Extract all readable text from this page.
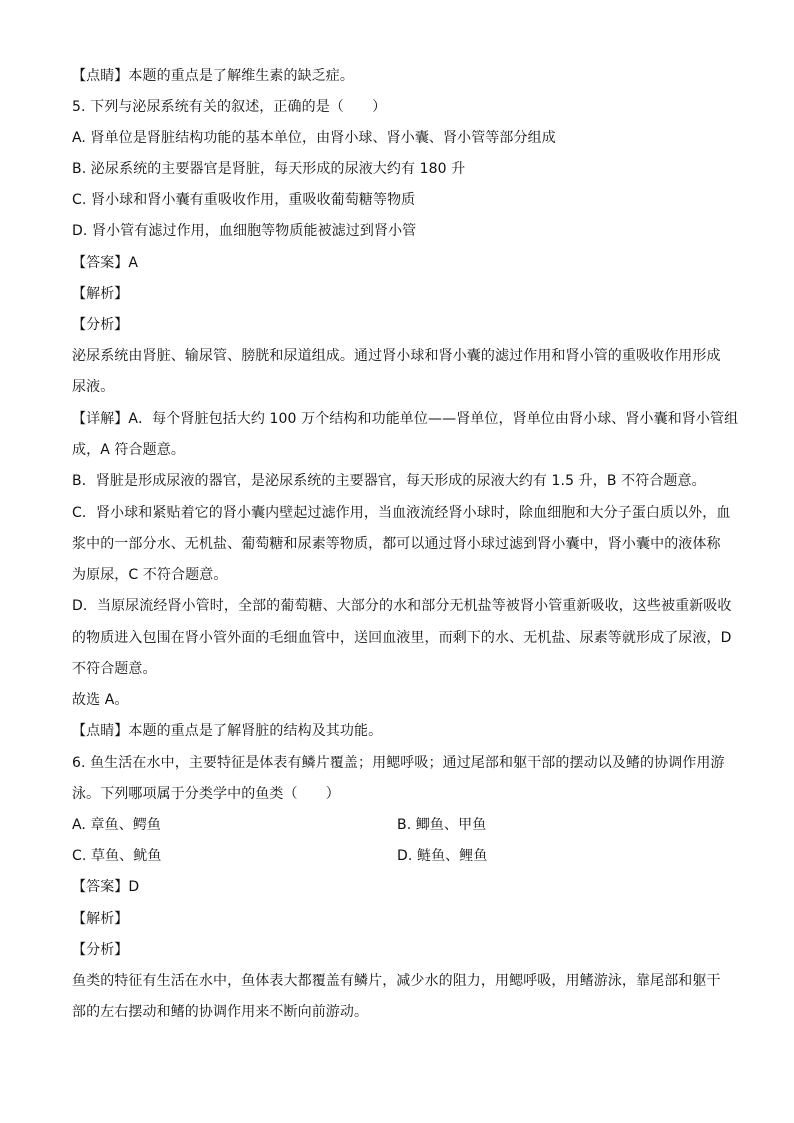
【点睛】本题的重点是了解维生素的缺乏症。
5. 下列与泌尿系统有关的叙述，正确的是（　　）
A. 肾单位是肾脏结构功能的基本单位，由肾小球、肾小囊、肾小管等部分组成
B. 泌尿系统的主要器官是肾脏，每天形成的尿液大约有 180 升
C. 肾小球和肾小囊有重吸收作用，重吸收葡萄糖等物质
D. 肾小管有滤过作用，血细胞等物质能被滤过到肾小管
【答案】A
【解析】
【分析】
泌尿系统由肾脏、输尿管、膀胱和尿道组成。通过肾小球和肾小囊的滤过作用和肾小管的重吸收作用形成
尿液。
【详解】A．每个肾脏包括大约 100 万个结构和功能单位——肾单位，肾单位由肾小球、肾小囊和肾小管组
成，A 符合题意。
B．肾脏是形成尿液的器官，是泌尿系统的主要器官，每天形成的尿液大约有 1.5 升，B 不符合题意。
C．肾小球和紧贴着它的肾小囊内壁起过滤作用，当血液流经肾小球时，除血细胞和大分子蛋白质以外，血
浆中的一部分水、无机盐、葡萄糖和尿素等物质，都可以通过肾小球过滤到肾小囊中，肾小囊中的液体称
为原尿，C 不符合题意。
D．当原尿流经肾小管时，全部的葡萄糖、大部分的水和部分无机盐等被肾小管重新吸收，这些被重新吸收
的物质进入包围在肾小管外面的毛细血管中，送回血液里，而剩下的水、无机盐、尿素等就形成了尿液，D
不符合题意。
故选 A。
【点睛】本题的重点是了解肾脏的结构及其功能。
6. 鱼生活在水中，主要特征是体表有鳞片覆盖；用鳃呼吸；通过尾部和躯干部的摆动以及鳍的协调作用游
泳。下列哪项属于分类学中的鱼类（　　）
A. 章鱼、鳄鱼	B. 鲫鱼、甲鱼
C. 草鱼、鱿鱼	D. 鲢鱼、鲤鱼
【答案】D
【解析】
【分析】
鱼类的特征有生活在水中，鱼体表大都覆盖有鳞片，减少水的阻力，用鳃呼吸，用鳍游泳，靠尾部和躯干
部的左右摆动和鳍的协调作用来不断向前游动。
